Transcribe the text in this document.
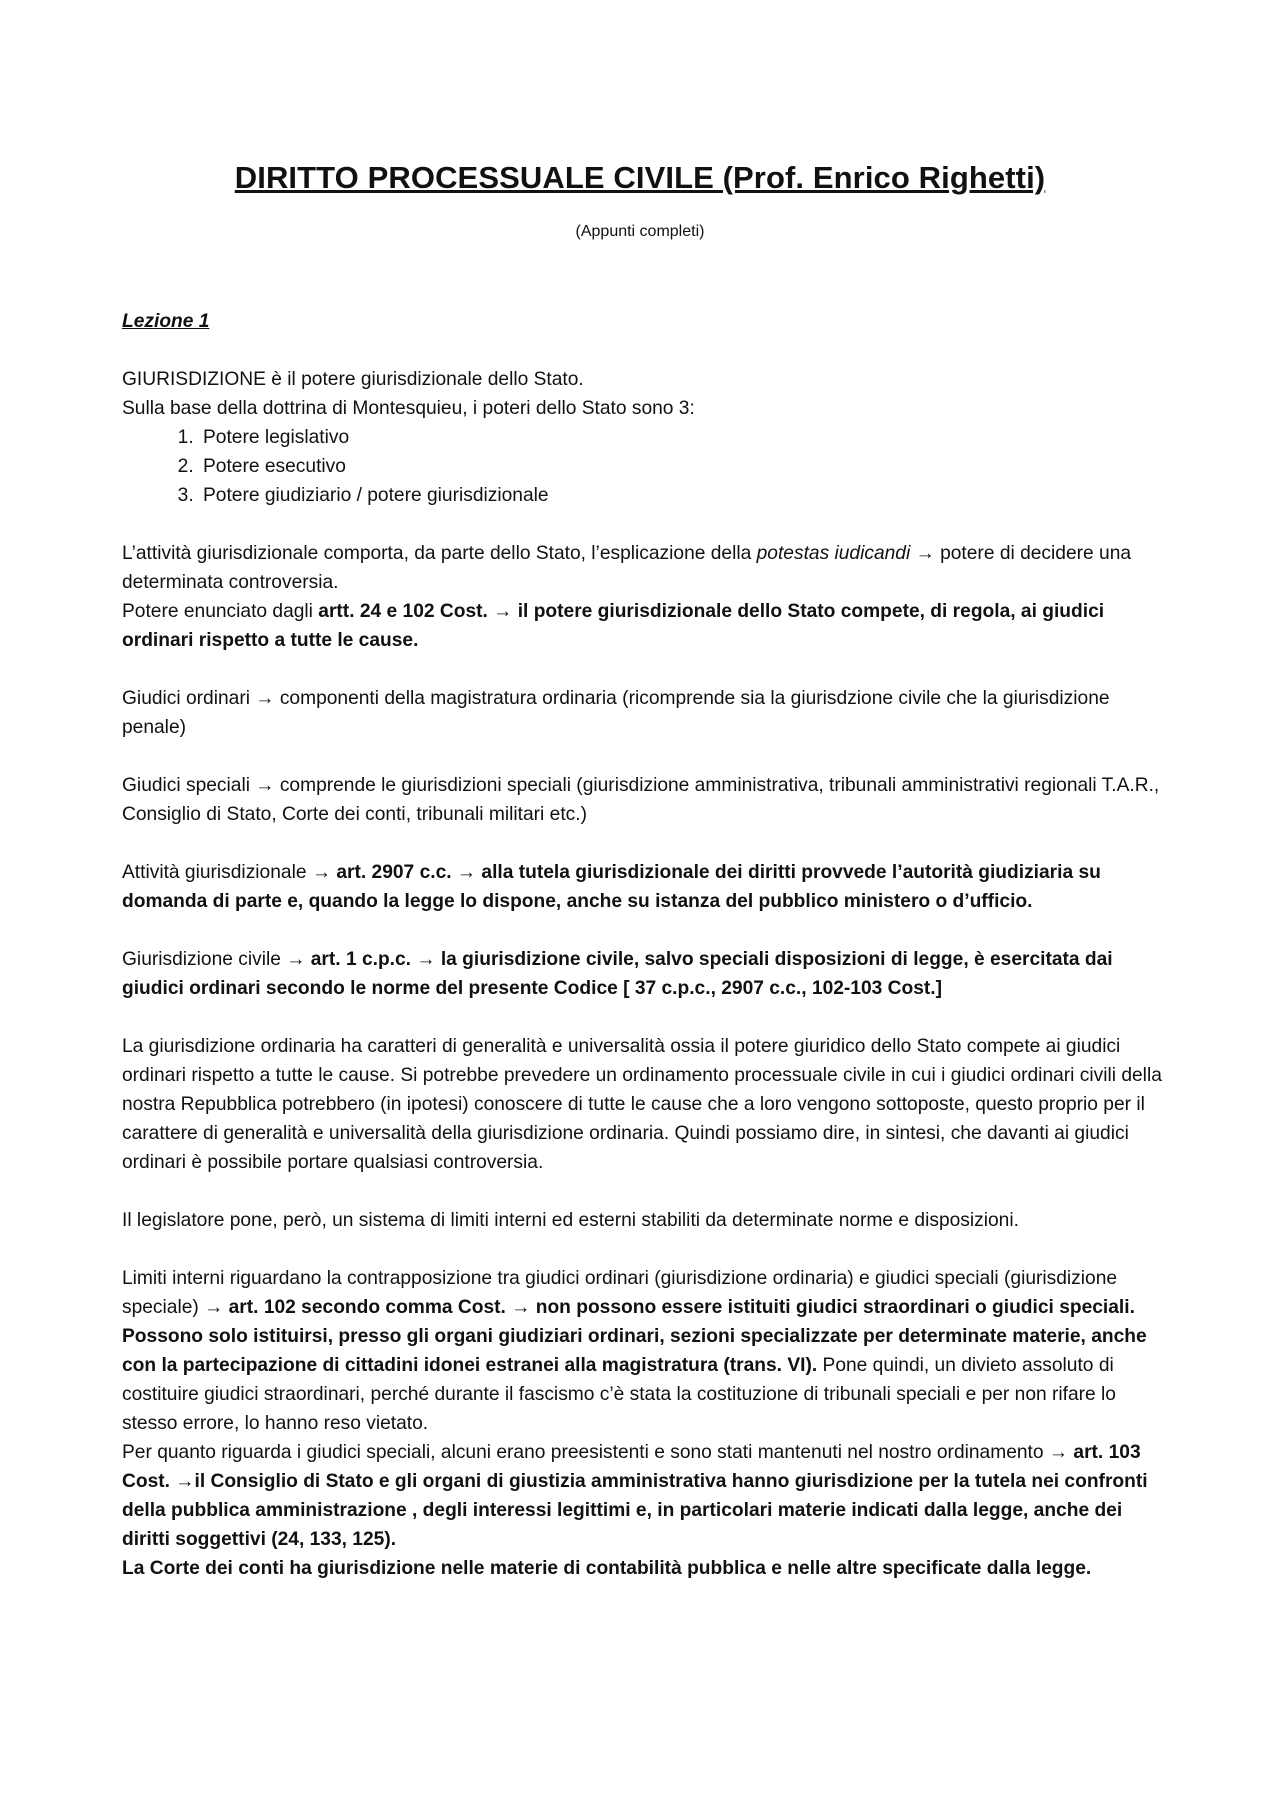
DIRITTO PROCESSUALE CIVILE (Prof. Enrico Righetti)
(Appunti completi)

Lezione 1

GIURISDIZIONE è il potere giurisdizionale dello Stato.

Sulla base della dottrina di Montesquieu, i poteri dello Stato sono 3:

1. Potere legislativo
2. Potere esecutivo
3. Potere giudiziario / potere giurisdizionale

L’attività giurisdizionale comporta, da parte dello Stato, l’esplicazione della potestas iudicandi → potere di decidere una determinata controversia.

Potere enunciato dagli artt. 24 e 102 Cost. → il potere giurisdizionale dello Stato compete, di regola, ai giudici ordinari rispetto a tutte le cause.

Giudici ordinari → componenti della magistratura ordinaria (ricomprende sia la giurisdzione civile che la giurisdizione penale)

Giudici speciali → comprende le giurisdizioni speciali (giurisdizione amministrativa, tribunali amministrativi regionali T.A.R., Consiglio di Stato, Corte dei conti, tribunali militari etc.)

Attività giurisdizionale → art. 2907 c.c. → alla tutela giurisdizionale dei diritti provvede l’autorità giudiziaria su domanda di parte e, quando la legge lo dispone, anche su istanza del pubblico ministero o d’ufficio.

Giurisdizione civile → art. 1 c.p.c. → la giurisdizione civile, salvo speciali disposizioni di legge, è esercitata dai giudici ordinari secondo le norme del presente Codice [ 37 c.p.c., 2907 c.c., 102-103 Cost.]

La giurisdizione ordinaria ha caratteri di generalità e universalità ossia il potere giuridico dello Stato compete ai giudici ordinari rispetto a tutte le cause. Si potrebbe prevedere un ordinamento processuale civile in cui i giudici ordinari civili della nostra Repubblica potrebbero (in ipotesi) conoscere di tutte le cause che a loro vengono sottoposte, questo proprio per il carattere di generalità e universalità della giurisdizione ordinaria. Quindi possiamo dire, in sintesi, che davanti ai giudici ordinari è possibile portare qualsiasi controversia.

Il legislatore pone, però, un sistema di limiti interni ed esterni stabiliti da determinate norme e disposizioni.

Limiti interni riguardano la contrapposizione tra giudici ordinari (giurisdizione ordinaria) e giudici speciali (giurisdizione speciale) → art. 102 secondo comma Cost. → non possono essere istituiti giudici straordinari o giudici speciali. Possono solo istituirsi, presso gli organi giudiziari ordinari, sezioni specializzate per determinate materie, anche con la partecipazione di cittadini idonei estranei alla magistratura (trans. VI). Pone quindi, un divieto assoluto di costituire giudici straordinari, perché durante il fascismo c’è stata la costituzione di tribunali speciali e per non rifare lo stesso errore, lo hanno reso vietato.

Per quanto riguarda i giudici speciali, alcuni erano preesistenti e sono stati mantenuti nel nostro ordinamento → art. 103 Cost. →il Consiglio di Stato e gli organi di giustizia amministrativa hanno giurisdizione per la tutela nei confronti della pubblica amministrazione , degli interessi legittimi e, in particolari materie indicati dalla legge, anche dei diritti soggettivi (24, 133, 125).

La Corte dei conti ha giurisdizione nelle materie di contabilità pubblica e nelle altre specificate dalla legge.
